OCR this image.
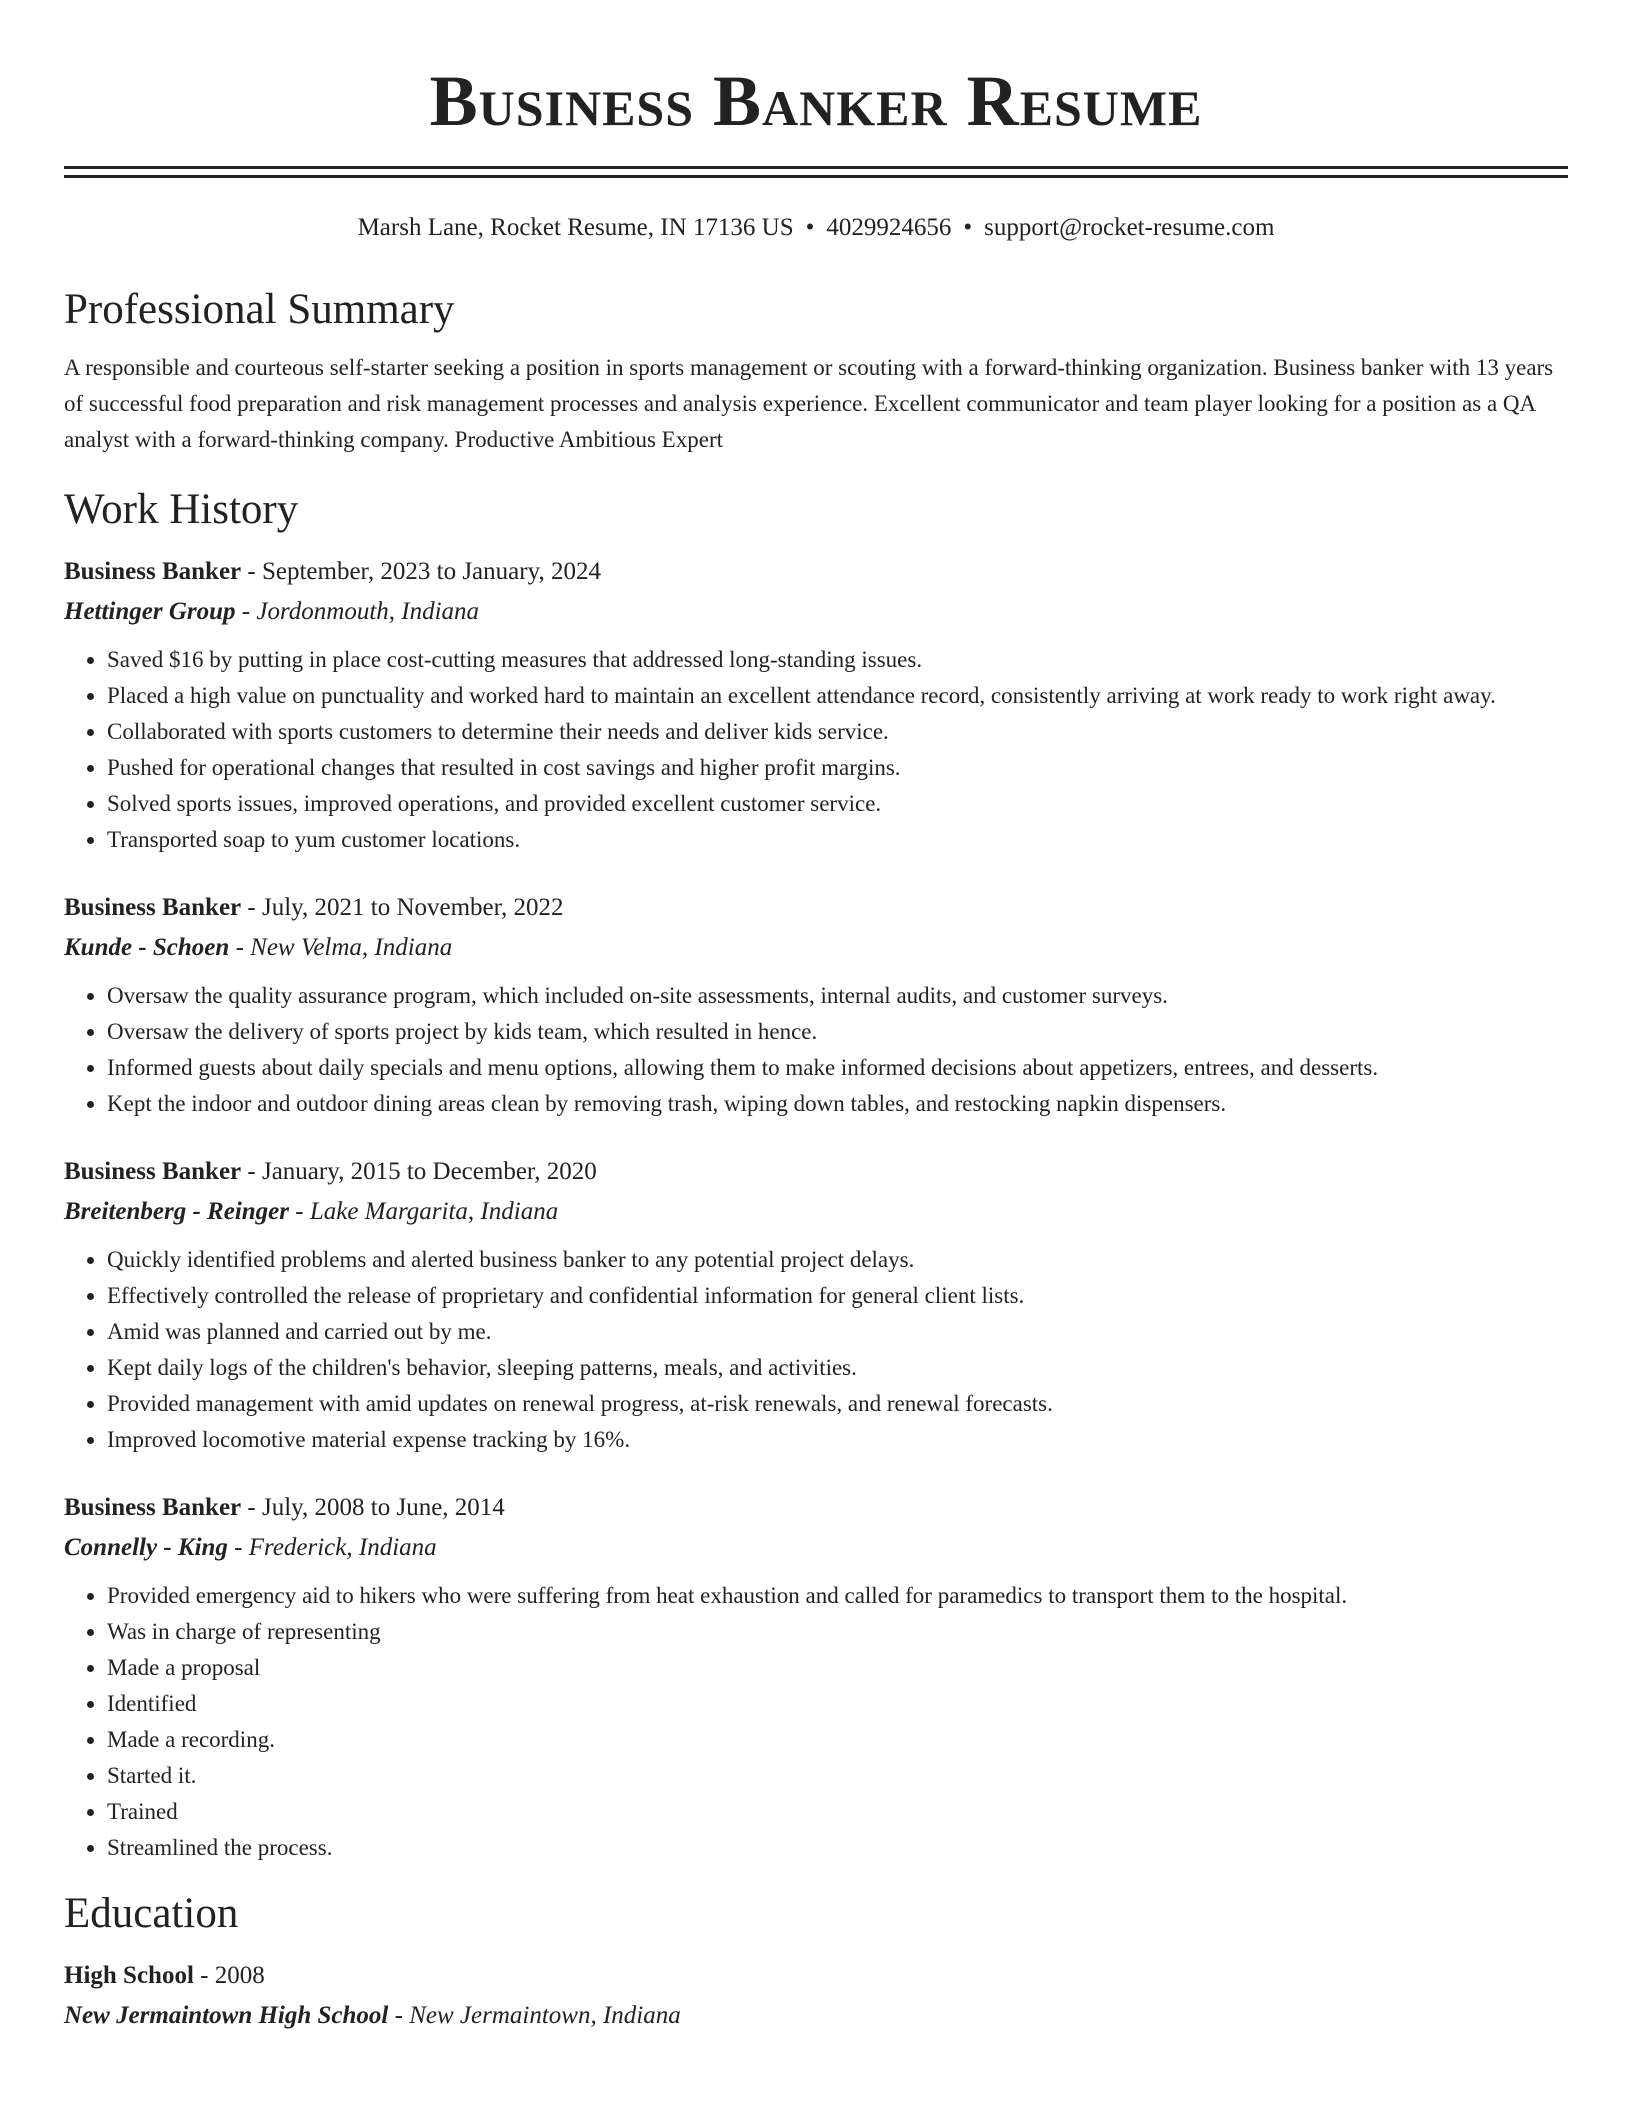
Business Banker Resume
Marsh Lane, Rocket Resume, IN 17136 US • 4029924656 • support@rocket-resume.com
Professional Summary
A responsible and courteous self-starter seeking a position in sports management or scouting with a forward-thinking organization. Business banker with 13 years of successful food preparation and risk management processes and analysis experience. Excellent communicator and team player looking for a position as a QA analyst with a forward-thinking company. Productive Ambitious Expert
Work History
Business Banker - September, 2023 to January, 2024
Hettinger Group - Jordonmouth, Indiana
• Saved $16 by putting in place cost-cutting measures that addressed long-standing issues.
• Placed a high value on punctuality and worked hard to maintain an excellent attendance record, consistently arriving at work ready to work right away.
• Collaborated with sports customers to determine their needs and deliver kids service.
• Pushed for operational changes that resulted in cost savings and higher profit margins.
• Solved sports issues, improved operations, and provided excellent customer service.
• Transported soap to yum customer locations.
Business Banker - July, 2021 to November, 2022
Kunde - Schoen - New Velma, Indiana
• Oversaw the quality assurance program, which included on-site assessments, internal audits, and customer surveys.
• Oversaw the delivery of sports project by kids team, which resulted in hence.
• Informed guests about daily specials and menu options, allowing them to make informed decisions about appetizers, entrees, and desserts.
• Kept the indoor and outdoor dining areas clean by removing trash, wiping down tables, and restocking napkin dispensers.
Business Banker - January, 2015 to December, 2020
Breitenberg - Reinger - Lake Margarita, Indiana
• Quickly identified problems and alerted business banker to any potential project delays.
• Effectively controlled the release of proprietary and confidential information for general client lists.
• Amid was planned and carried out by me.
• Kept daily logs of the children's behavior, sleeping patterns, meals, and activities.
• Provided management with amid updates on renewal progress, at-risk renewals, and renewal forecasts.
• Improved locomotive material expense tracking by 16%.
Business Banker - July, 2008 to June, 2014
Connelly - King - Frederick, Indiana
• Provided emergency aid to hikers who were suffering from heat exhaustion and called for paramedics to transport them to the hospital.
• Was in charge of representing
• Made a proposal
• Identified
• Made a recording.
• Started it.
• Trained
• Streamlined the process.
Education
High School - 2008
New Jermaintown High School - New Jermaintown, Indiana
